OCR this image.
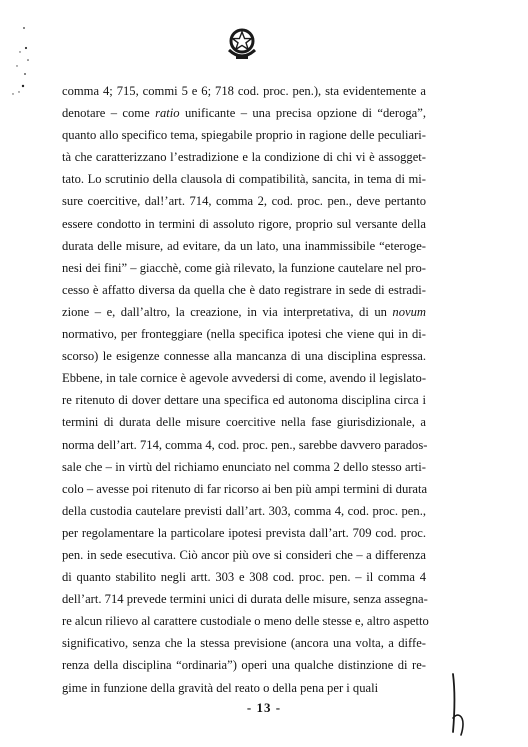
comma 4; 715, commi 5 e 6; 718 cod. proc. pen.), sta evidentemente a
denotare – come ratio unificante – una precisa opzione di “deroga”,
quanto allo specifico tema, spiegabile proprio in ragione delle peculiari-
tà che caratterizzano l’estradizione e la condizione di chi vi è assogget-
tato. Lo scrutinio della clausola di compatibilità, sancita, in tema di mi-
sure coercitive, dal!’art. 714, comma 2, cod. proc. pen., deve pertanto
essere condotto in termini di assoluto rigore, proprio sul versante della
durata delle misure, ad evitare, da un lato, una inammissibile “eteroge-
nesi dei fini” – giacchè, come già rilevato, la funzione cautelare nel pro-
cesso è affatto diversa da quella che è dato registrare in sede di estradi-
zione – e, dall’altro, la creazione, in via interpretativa, di un novum
normativo, per fronteggiare (nella specifica ipotesi che viene qui in di-
scorso) le esigenze connesse alla mancanza di una disciplina espressa.
Ebbene, in tale cornice è agevole avvedersi di come, avendo il legislato-
re ritenuto di dover dettare una specifica ed autonoma disciplina circa i
termini di durata delle misure coercitive nella fase giurisdizionale, a
norma dell’art. 714, comma 4, cod. proc. pen., sarebbe davvero parados-
sale che – in virtù del richiamo enunciato nel comma 2 dello stesso arti-
colo – avesse poi ritenuto di far ricorso ai ben più ampi termini di durata
della custodia cautelare previsti dall’art. 303, comma 4, cod. proc. pen.,
per regolamentare la particolare ipotesi prevista dall’art. 709 cod. proc.
pen. in sede esecutiva. Ciò ancor più ove si consideri che – a differenza
di quanto stabilito negli artt. 303 e 308 cod. proc. pen. – il comma 4
dell’art. 714 prevede termini unici di durata delle misure, senza assegna-
re alcun rilievo al carattere custodiale o meno delle stesse e, altro aspetto
significativo, senza che la stessa previsione (ancora una volta, a diffe-
renza della disciplina “ordinaria”) operi una qualche distinzione di re-
gime in funzione della gravità del reato o della pena per i quali
- 13 -
